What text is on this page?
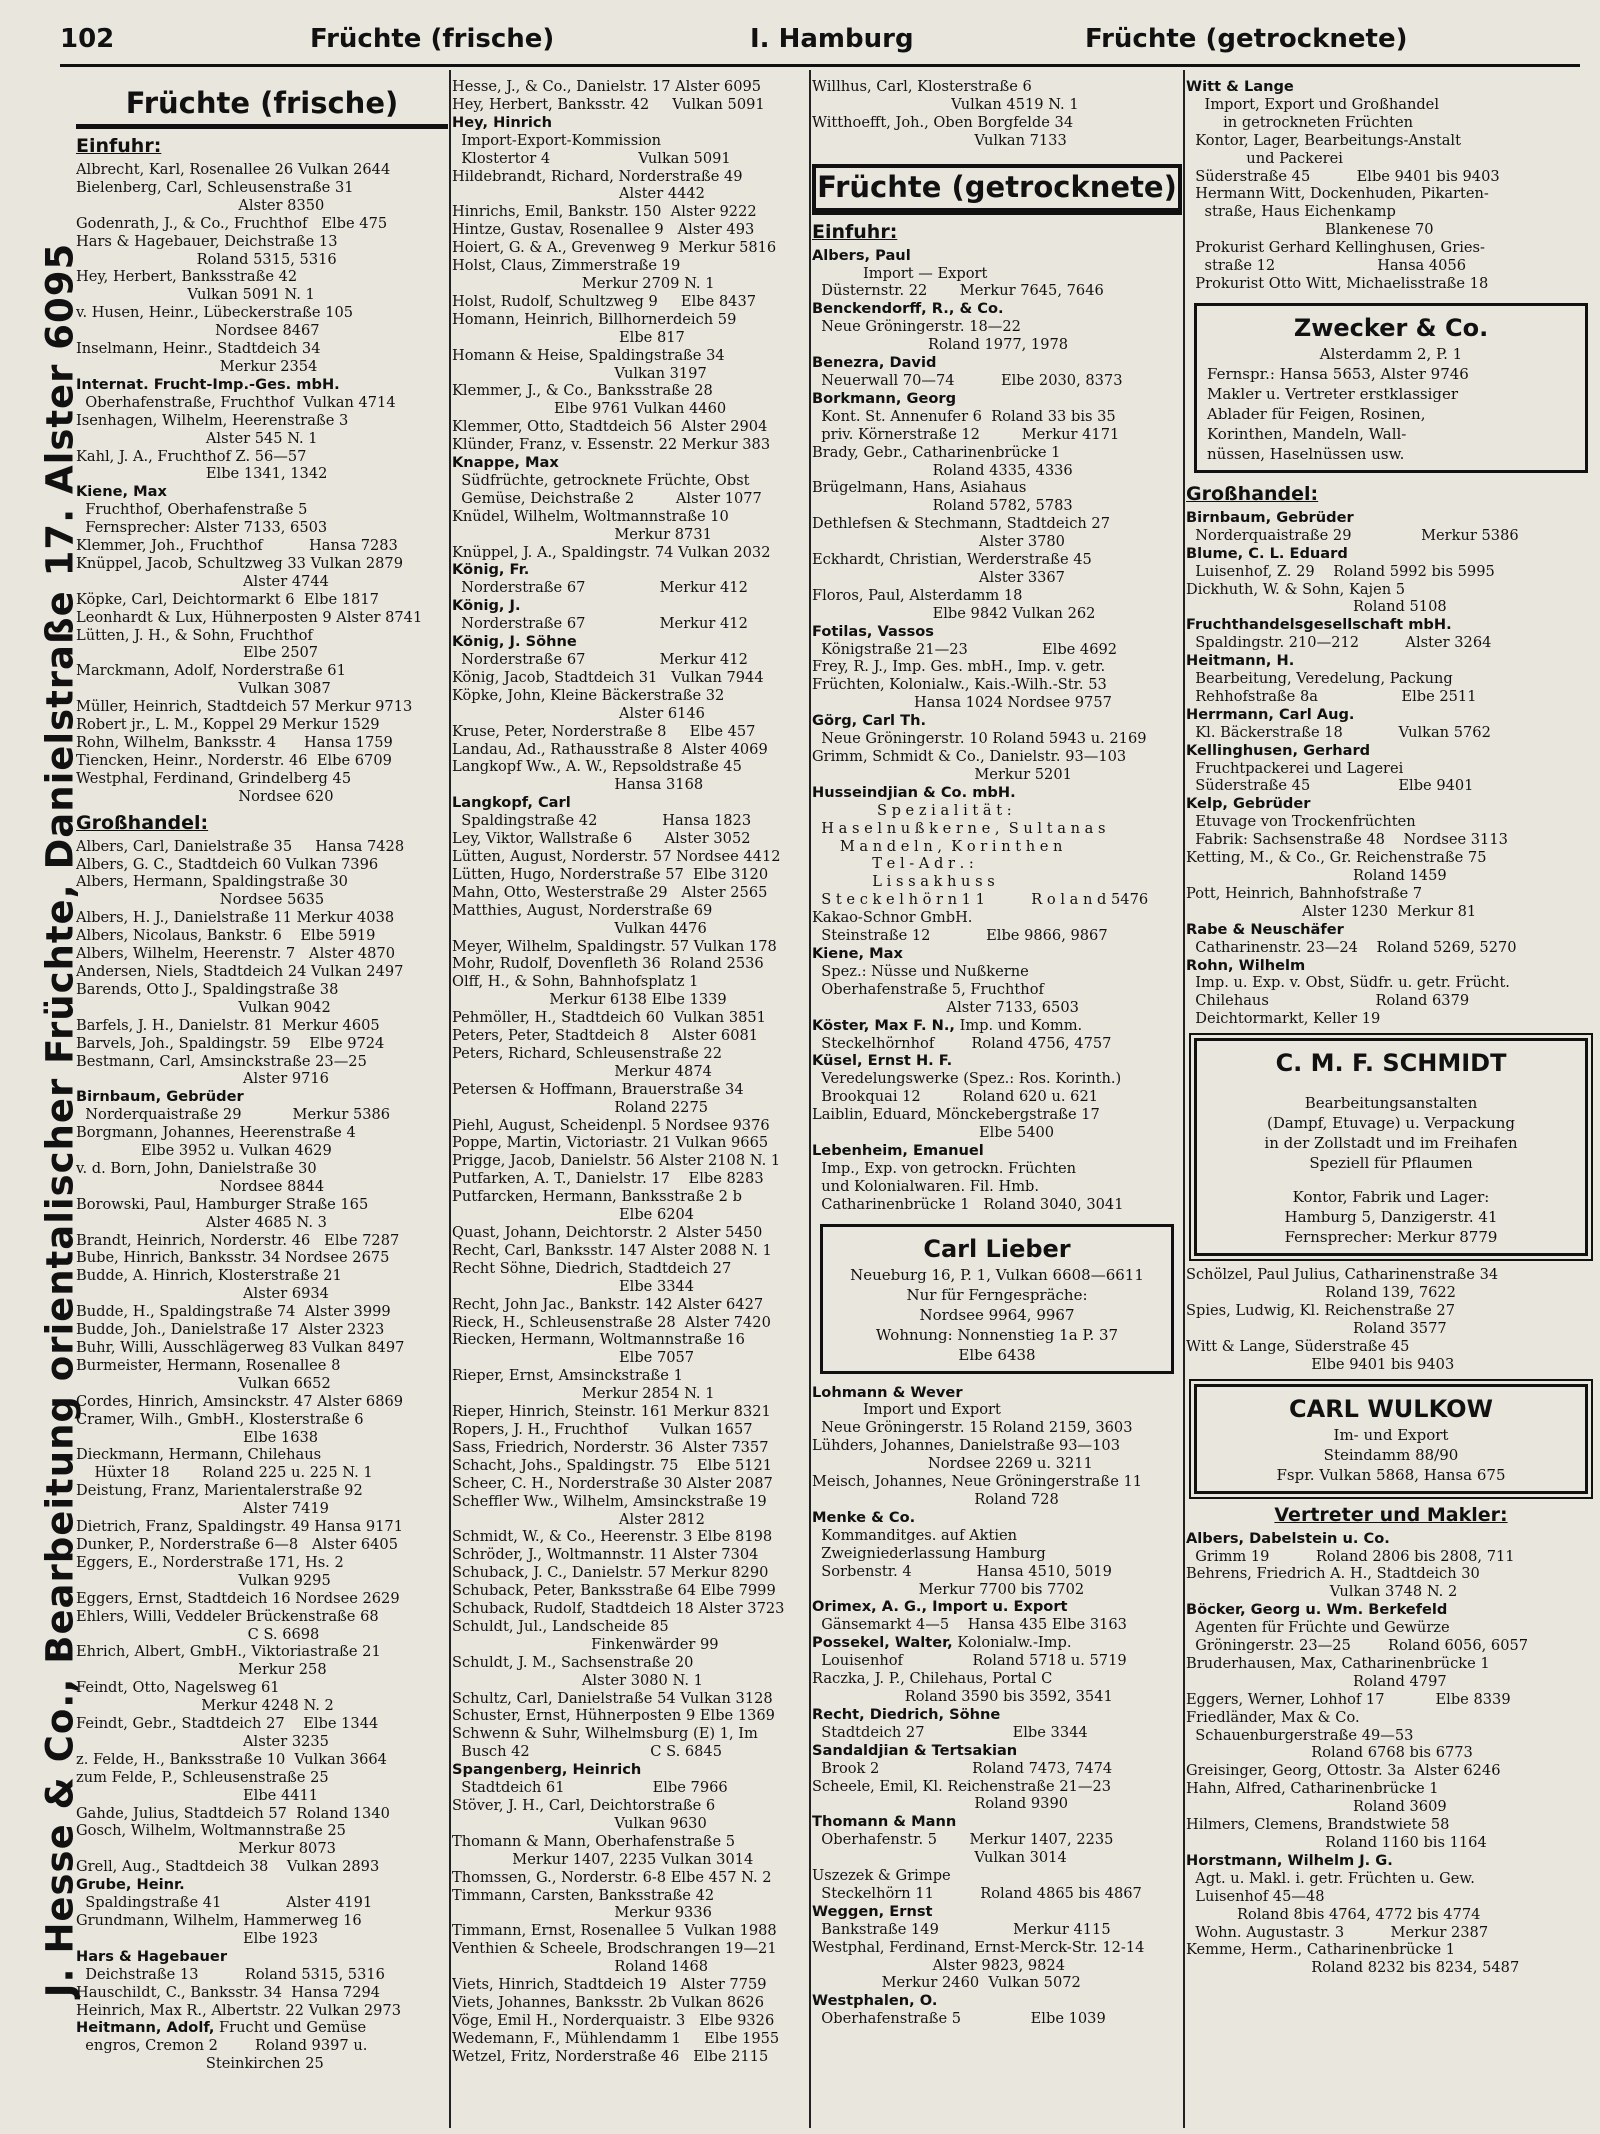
102	Früchte (frische)	I. Hamburg	Früchte (getrocknete)
J. Hesse & Co., Bearbeitung orientalischer Früchte, Danielstraße 17. Alster 6095
Früchte (frische)
Einfuhr:
Albrecht, Karl, Rosenallee 26 Vulkan 2644
Bielenberg, Carl, Schleusenstraße 31
Alster 8350
Godenrath, J., & Co., Fruchthof   Elbe 475
Hars & Hagebauer, Deichstraße 13
Roland 5315, 5316
Hey, Herbert, Banksstraße 42
Vulkan 5091 N. 1
v. Husen, Heinr., Lübeckerstraße 105
Nordsee 8467
Inselmann, Heinr., Stadtdeich 34
Merkur 2354
Internat. Frucht-Imp.-Ges. mbH.
Oberhafenstraße, Fruchthof  Vulkan 4714
Isenhagen, Wilhelm, Heerenstraße 3
Alster 545 N. 1
Kahl, J. A., Fruchthof Z. 56—57
Elbe 1341, 1342
Kiene, Max
Fruchthof, Oberhafenstraße 5
Fernsprecher: Alster 7133, 6503
Klemmer, Joh., Fruchthof          Hansa 7283
Knüppel, Jacob, Schultzweg 33 Vulkan 2879
Alster 4744
Köpke, Carl, Deichtormarkt 6  Elbe 1817
Leonhardt & Lux, Hühnerposten 9 Alster 8741
Lütten, J. H., & Sohn, Fruchthof
Elbe 2507
Marckmann, Adolf, Norderstraße 61
Vulkan 3087
Müller, Heinrich, Stadtdeich 57 Merkur 9713
Robert jr., L. M., Koppel 29 Merkur 1529
Rohn, Wilhelm, Banksstr. 4      Hansa 1759
Tiencken, Heinr., Norderstr. 46  Elbe 6709
Westphal, Ferdinand, Grindelberg 45
Nordsee 620
Großhandel:
Albers, Carl, Danielstraße 35     Hansa 7428
Albers, G. C., Stadtdeich 60 Vulkan 7396
Albers, Hermann, Spaldingstraße 30
Nordsee 5635
Albers, H. J., Danielstraße 11 Merkur 4038
Albers, Nicolaus, Bankstr. 6    Elbe 5919
Albers, Wilhelm, Heerenstr. 7   Alster 4870
Andersen, Niels, Stadtdeich 24 Vulkan 2497
Barends, Otto J., Spaldingstraße 38
Vulkan 9042
Barfels, J. H., Danielstr. 81  Merkur 4605
Barvels, Joh., Spaldingstr. 59    Elbe 9724
Bestmann, Carl, Amsinckstraße 23—25
Alster 9716
Birnbaum, Gebrüder
Norderquaistraße 29           Merkur 5386
Borgmann, Johannes, Heerenstraße 4
Elbe 3952 u. Vulkan 4629
v. d. Born, John, Danielstraße 30
Nordsee 8844
Borowski, Paul, Hamburger Straße 165
Alster 4685 N. 3
Brandt, Heinrich, Norderstr. 46   Elbe 7287
Bube, Hinrich, Banksstr. 34 Nordsee 2675
Budde, A. Hinrich, Klosterstraße 21
Alster 6934
Budde, H., Spaldingstraße 74  Alster 3999
Budde, Joh., Danielstraße 17  Alster 2323
Buhr, Willi, Ausschlägerweg 83 Vulkan 8497
Burmeister, Hermann, Rosenallee 8
Vulkan 6652
Cordes, Hinrich, Amsinckstr. 47 Alster 6869
Cramer, Wilh., GmbH., Klosterstraße 6
Elbe 1638
Dieckmann, Hermann, Chilehaus
Hüxter 18       Roland 225 u. 225 N. 1
Deistung, Franz, Marientalerstraße 92
Alster 7419
Dietrich, Franz, Spaldingstr. 49 Hansa 9171
Dunker, P., Norderstraße 6—8   Alster 6405
Eggers, E., Norderstraße 171, Hs. 2
Vulkan 9295
Eggers, Ernst, Stadtdeich 16 Nordsee 2629
Ehlers, Willi, Veddeler Brückenstraße 68
C S. 6698
Ehrich, Albert, GmbH., Viktoriastraße 21
Merkur 258
Feindt, Otto, Nagelsweg 61
Merkur 4248 N. 2
Feindt, Gebr., Stadtdeich 27    Elbe 1344
Alster 3235
z. Felde, H., Banksstraße 10  Vulkan 3664
zum Felde, P., Schleusenstraße 25
Elbe 4411
Gahde, Julius, Stadtdeich 57  Roland 1340
Gosch, Wilhelm, Woltmannstraße 25
Merkur 8073
Grell, Aug., Stadtdeich 38    Vulkan 2893
Grube, Heinr.
Spaldingstraße 41              Alster 4191
Grundmann, Wilhelm, Hammerweg 16
Elbe 1923
Hars & Hagebauer
Deichstraße 13          Roland 5315, 5316
Hauschildt, C., Banksstr. 34  Hansa 7294
Heinrich, Max R., Albertstr. 22 Vulkan 2973
Heitmann, Adolf, Frucht und Gemüse
engros, Cremon 2        Roland 9397 u.
Steinkirchen 25
Hesse, J., & Co., Danielstr. 17 Alster 6095
Hey, Herbert, Banksstr. 42     Vulkan 5091
Hey, Hinrich
Import-Export-Kommission
Klostertor 4                   Vulkan 5091
Hildebrandt, Richard, Norderstraße 49
Alster 4442
Hinrichs, Emil, Bankstr. 150  Alster 9222
Hintze, Gustav, Rosenallee 9   Alster 493
Hoiert, G. & A., Grevenweg 9  Merkur 5816
Holst, Claus, Zimmerstraße 19
Merkur 2709 N. 1
Holst, Rudolf, Schultzweg 9     Elbe 8437
Homann, Heinrich, Billhornerdeich 59
Elbe 817
Homann & Heise, Spaldingstraße 34
Vulkan 3197
Klemmer, J., & Co., Banksstraße 28
Elbe 9761 Vulkan 4460
Klemmer, Otto, Stadtdeich 56  Alster 2904
Klünder, Franz, v. Essenstr. 22 Merkur 383
Knappe, Max
Südfrüchte, getrocknete Früchte, Obst
Gemüse, Deichstraße 2         Alster 1077
Knüdel, Wilhelm, Woltmannstraße 10
Merkur 8731
Knüppel, J. A., Spaldingstr. 74 Vulkan 2032
König, Fr.
Norderstraße 67                Merkur 412
König, J.
Norderstraße 67                Merkur 412
König, J. Söhne
Norderstraße 67                Merkur 412
König, Jacob, Stadtdeich 31   Vulkan 7944
Köpke, John, Kleine Bäckerstraße 32
Alster 6146
Kruse, Peter, Norderstraße 8     Elbe 457
Landau, Ad., Rathausstraße 8  Alster 4069
Langkopf Ww., A. W., Repsoldstraße 45
Hansa 3168
Langkopf, Carl
Spaldingstraße 42              Hansa 1823
Ley, Viktor, Wallstraße 6       Alster 3052
Lütten, August, Norderstr. 57 Nordsee 4412
Lütten, Hugo, Norderstraße 57  Elbe 3120
Mahn, Otto, Westerstraße 29   Alster 2565
Matthies, August, Norderstraße 69
Vulkan 4476
Meyer, Wilhelm, Spaldingstr. 57 Vulkan 178
Mohr, Rudolf, Dovenfleth 36  Roland 2536
Olff, H., & Sohn, Bahnhofsplatz 1
Merkur 6138 Elbe 1339
Pehmöller, H., Stadtdeich 60  Vulkan 3851
Peters, Peter, Stadtdeich 8     Alster 6081
Peters, Richard, Schleusenstraße 22
Merkur 4874
Petersen & Hoffmann, Brauerstraße 34
Roland 2275
Piehl, August, Scheidenpl. 5 Nordsee 9376
Poppe, Martin, Victoriastr. 21 Vulkan 9665
Prigge, Jacob, Danielstr. 56 Alster 2108 N. 1
Putfarken, A. T., Danielstr. 17    Elbe 8283
Putfarcken, Hermann, Banksstraße 2 b
Elbe 6204
Quast, Johann, Deichtorstr. 2  Alster 5450
Recht, Carl, Banksstr. 147 Alster 2088 N. 1
Recht Söhne, Diedrich, Stadtdeich 27
Elbe 3344
Recht, John Jac., Bankstr. 142 Alster 6427
Rieck, H., Schleusenstraße 28  Alster 7420
Riecken, Hermann, Woltmannstraße 16
Elbe 7057
Rieper, Ernst, Amsinckstraße 1
Merkur 2854 N. 1
Rieper, Hinrich, Steinstr. 161 Merkur 8321
Ropers, J. H., Fruchthof       Vulkan 1657
Sass, Friedrich, Norderstr. 36  Alster 7357
Schacht, Johs., Spaldingstr. 75    Elbe 5121
Scheer, C. H., Norderstraße 30 Alster 2087
Scheffler Ww., Wilhelm, Amsinckstraße 19
Alster 2812
Schmidt, W., & Co., Heerenstr. 3 Elbe 8198
Schröder, J., Woltmannstr. 11 Alster 7304
Schuback, J. C., Danielstr. 57 Merkur 8290
Schuback, Peter, Banksstraße 64 Elbe 7999
Schuback, Rudolf, Stadtdeich 18 Alster 3723
Schuldt, Jul., Landscheide 85
Finkenwärder 99
Schuldt, J. M., Sachsenstraße 20
Alster 3080 N. 1
Schultz, Carl, Danielstraße 54 Vulkan 3128
Schuster, Ernst, Hühnerposten 9 Elbe 1369
Schwenn & Suhr, Wilhelmsburg (E) 1, Im
Busch 42                          C S. 6845
Spangenberg, Heinrich
Stadtdeich 61                   Elbe 7966
Stöver, J. H., Carl, Deichtorstraße 6
Vulkan 9630
Thomann & Mann, Oberhafenstraße 5
Merkur 1407, 2235 Vulkan 3014
Thomssen, G., Norderstr. 6-8 Elbe 457 N. 2
Timmann, Carsten, Banksstraße 42
Merkur 9336
Timmann, Ernst, Rosenallee 5  Vulkan 1988
Venthien & Scheele, Brodschrangen 19—21
Roland 1468
Viets, Hinrich, Stadtdeich 19   Alster 7759
Viets, Johannes, Banksstr. 2b Vulkan 8626
Vöge, Emil H., Norderquaistr. 3   Elbe 9326
Wedemann, F., Mühlendamm 1     Elbe 1955
Wetzel, Fritz, Norderstraße 46   Elbe 2115
Willhus, Carl, Klosterstraße 6
Vulkan 4519 N. 1
Witthoefft, Joh., Oben Borgfelde 34
Vulkan 7133
Früchte (getrocknete)
Einfuhr:
Albers, Paul
Import — Export
Düsternstr. 22       Merkur 7645, 7646
Benckendorff, R., & Co.
Neue Gröningerstr. 18—22
Roland 1977, 1978
Benezra, David
Neuerwall 70—74          Elbe 2030, 8373
Borkmann, Georg
Kont. St. Annenufer 6  Roland 33 bis 35
priv. Körnerstraße 12         Merkur 4171
Brady, Gebr., Catharinenbrücke 1
Roland 4335, 4336
Brügelmann, Hans, Asiahaus
Roland 5782, 5783
Dethlefsen & Stechmann, Stadtdeich 27
Alster 3780
Eckhardt, Christian, Werderstraße 45
Alster 3367
Floros, Paul, Alsterdamm 18
Elbe 9842 Vulkan 262
Fotilas, Vassos
Königstraße 21—23                Elbe 4692
Frey, R. J., Imp. Ges. mbH., Imp. v. getr.
Früchten, Kolonialw., Kais.-Wilh.-Str. 53
Hansa 1024 Nordsee 9757
Görg, Carl Th.
Neue Gröningerstr. 10 Roland 5943 u. 2169
Grimm, Schmidt & Co., Danielstr. 93—103
Merkur 5201
Husseindjian & Co. mbH.
S p e z i a l i t ä t :
H a s e l n u ß k e r n e ,  S u l t a n a s
M a n d e l n ,  K o r i n t h e n
T e l - A d r . :
L i s s a k h u s s
S t e c k e l h ö r n 1 1          R o l a n d 5476
Kakao-Schnor GmbH.
Steinstraße 12            Elbe 9866, 9867
Kiene, Max
Spez.: Nüsse und Nußkerne
Oberhafenstraße 5, Fruchthof
Alster 7133, 6503
Köster, Max F. N., Imp. und Komm.
Steckelhörnhof        Roland 4756, 4757
Küsel, Ernst H. F.
Veredelungswerke (Spez.: Ros. Korinth.)
Brookquai 12         Roland 620 u. 621
Laiblin, Eduard, Mönckebergstraße 17
Elbe 5400
Lebenheim, Emanuel
Imp., Exp. von getrockn. Früchten
und Kolonialwaren. Fil. Hmb.
Catharinenbrücke 1   Roland 3040, 3041
Carl Lieber
Neueburg 16, P. 1, Vulkan 6608—6611
Nur für Ferngespräche:
Nordsee 9964, 9967
Wohnung: Nonnenstieg 1a P. 37
Elbe 6438
Lohmann & Wever
Import und Export
Neue Gröningerstr. 15 Roland 2159, 3603
Lühders, Johannes, Danielstraße 93—103
Nordsee 2269 u. 3211
Meisch, Johannes, Neue Gröningerstraße 11
Roland 728
Menke & Co.
Kommanditges. auf Aktien
Zweigniederlassung Hamburg
Sorbenstr. 4              Hansa 4510, 5019
Merkur 7700 bis 7702
Orimex, A. G., Import u. Export
Gänsemarkt 4—5    Hansa 435 Elbe 3163
Possekel, Walter, Kolonialw.-Imp.
Louisenhof               Roland 5718 u. 5719
Raczka, J. P., Chilehaus, Portal C
Roland 3590 bis 3592, 3541
Recht, Diedrich, Söhne
Stadtdeich 27                   Elbe 3344
Sandaldjian & Tertsakian
Brook 2                    Roland 7473, 7474
Scheele, Emil, Kl. Reichenstraße 21—23
Roland 9390
Thomann & Mann
Oberhafenstr. 5       Merkur 1407, 2235
Vulkan 3014
Uszezek & Grimpe
Steckelhörn 11          Roland 4865 bis 4867
Weggen, Ernst
Bankstraße 149                Merkur 4115
Westphal, Ferdinand, Ernst-Merck-Str. 12-14
Alster 9823, 9824
Merkur 2460  Vulkan 5072
Westphalen, O.
Oberhafenstraße 5               Elbe 1039
Witt & Lange
Import, Export und Großhandel
in getrockneten Früchten
Kontor, Lager, Bearbeitungs-Anstalt
und Packerei
Süderstraße 45          Elbe 9401 bis 9403
Hermann Witt, Dockenhuden, Pikarten-
straße, Haus Eichenkamp
Blankenese 70
Prokurist Gerhard Kellinghusen, Gries-
straße 12                      Hansa 4056
Prokurist Otto Witt, Michaelisstraße 18
Zwecker & Co.
Alsterdamm 2, P. 1
Fernspr.: Hansa 5653, Alster 9746
Makler u. Vertreter erstklassiger
Ablader für Feigen, Rosinen,
Korinthen, Mandeln, Wall-
nüssen, Haselnüssen usw.
Großhandel:
Birnbaum, Gebrüder
Norderquaistraße 29               Merkur 5386
Blume, C. L. Eduard
Luisenhof, Z. 29    Roland 5992 bis 5995
Dickhuth, W. & Sohn, Kajen 5
Roland 5108
Fruchthandelsgesellschaft mbH.
Spaldingstr. 210—212          Alster 3264
Heitmann, H.
Bearbeitung, Veredelung, Packung
Rehhofstraße 8a                  Elbe 2511
Herrmann, Carl Aug.
Kl. Bäckerstraße 18            Vulkan 5762
Kellinghusen, Gerhard
Fruchtpackerei und Lagerei
Süderstraße 45                   Elbe 9401
Kelp, Gebrüder
Etuvage von Trockenfrüchten
Fabrik: Sachsenstraße 48    Nordsee 3113
Ketting, M., & Co., Gr. Reichenstraße 75
Roland 1459
Pott, Heinrich, Bahnhofstraße 7
Alster 1230  Merkur 81
Rabe & Neuschäfer
Catharinenstr. 23—24    Roland 5269, 5270
Rohn, Wilhelm
Imp. u. Exp. v. Obst, Südfr. u. getr. Frücht.
Chilehaus                       Roland 6379
Deichtormarkt, Keller 19
C. M. F. SCHMIDT
Bearbeitungsanstalten
(Dampf, Etuvage) u. Verpackung
in der Zollstadt und im Freihafen
Speziell für Pflaumen
Kontor, Fabrik und Lager:
Hamburg 5, Danzigerstr. 41
Fernsprecher: Merkur 8779
Schölzel, Paul Julius, Catharinenstraße 34
Roland 139, 7622
Spies, Ludwig, Kl. Reichenstraße 27
Roland 3577
Witt & Lange, Süderstraße 45
Elbe 9401 bis 9403
CARL WULKOW
Im- und Export
Steindamm 88/90
Fspr. Vulkan 5868, Hansa 675
Vertreter und Makler:
Albers, Dabelstein u. Co.
Grimm 19          Roland 2806 bis 2808, 711
Behrens, Friedrich A. H., Stadtdeich 30
Vulkan 3748 N. 2
Böcker, Georg u. Wm. Berkefeld
Agenten für Früchte und Gewürze
Gröningerstr. 23—25        Roland 6056, 6057
Bruderhausen, Max, Catharinenbrücke 1
Roland 4797
Eggers, Werner, Lohhof 17           Elbe 8339
Friedländer, Max & Co.
Schauenburgerstraße 49—53
Roland 6768 bis 6773
Greisinger, Georg, Ottostr. 3a  Alster 6246
Hahn, Alfred, Catharinenbrücke 1
Roland 3609
Hilmers, Clemens, Brandstwiete 58
Roland 1160 bis 1164
Horstmann, Wilhelm J. G.
Agt. u. Makl. i. getr. Früchten u. Gew.
Luisenhof 45—48
Roland 8bis 4764, 4772 bis 4774
Wohn. Augustastr. 3          Merkur 2387
Kemme, Herm., Catharinenbrücke 1
Roland 8232 bis 8234, 5487
